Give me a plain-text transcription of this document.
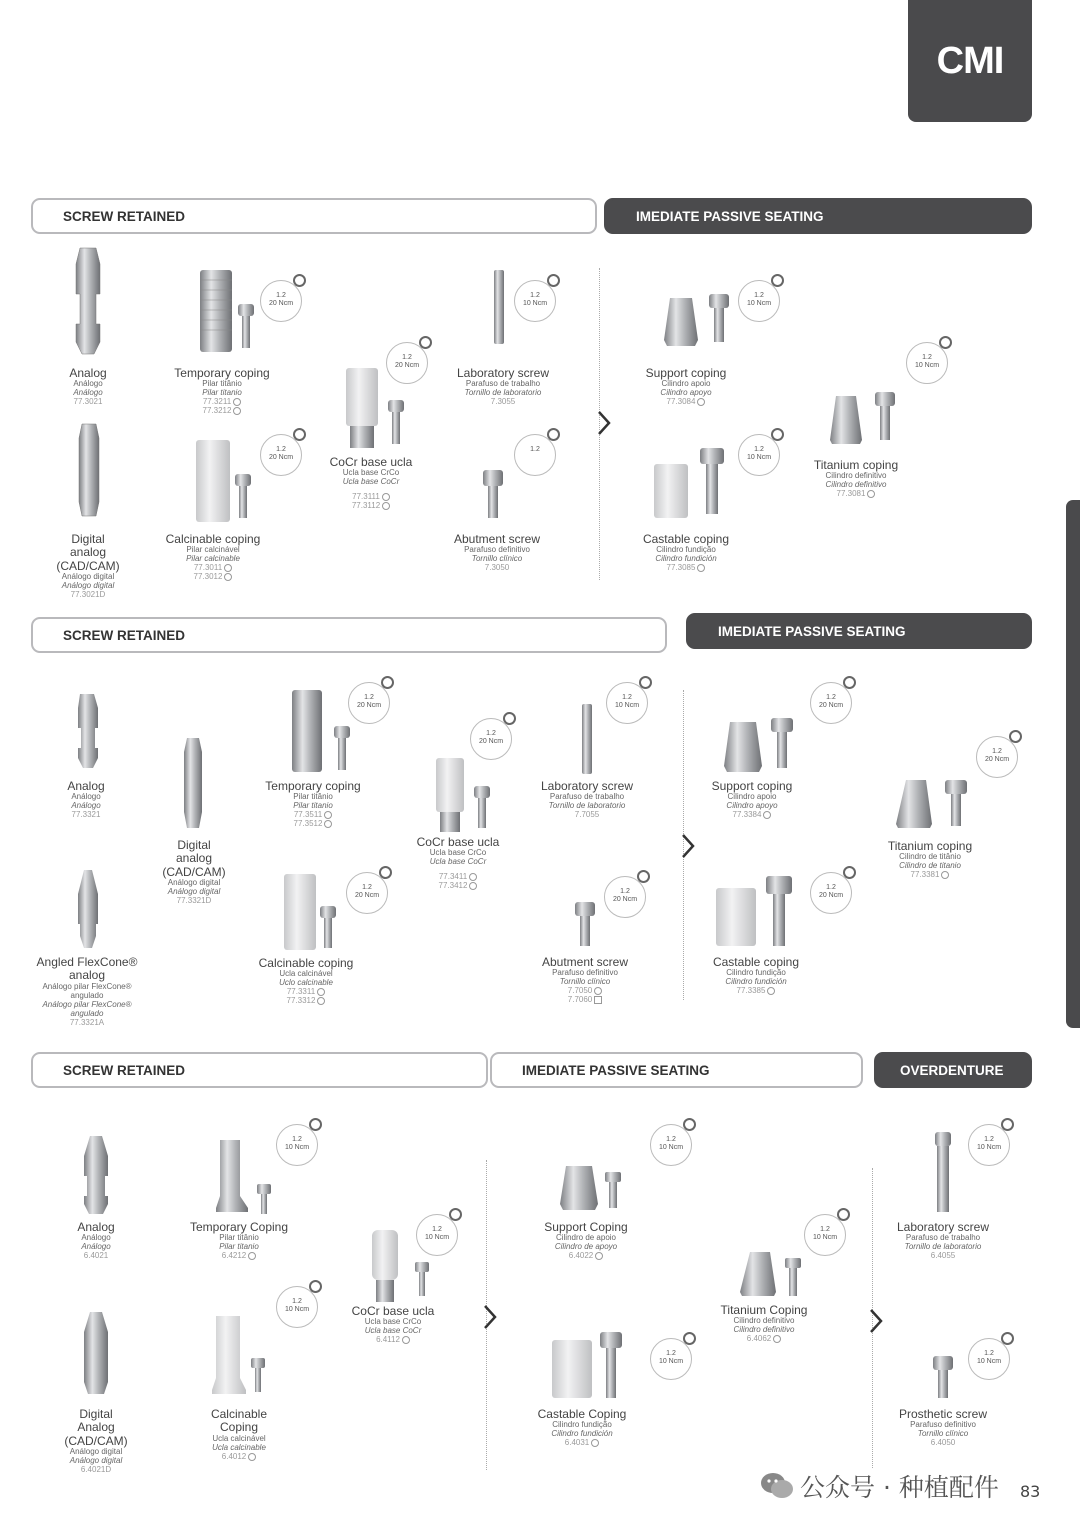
CMI
SCREW RETAINED	IMEDIATE PASSIVE SEATING
1.2
20 Ncm
1.2
20 Ncm
1.2
20 Ncm
1.2
10 Ncm
1.2
1.2
10 Ncm
1.2
10 Ncm
1.2
10 Ncm
Analog
Análogo
Análogo
77.3021
Digital
analog
(CAD/CAM)
Análogo digital
Análogo digital
77.3021D
Temporary coping
Pilar titânio
Pilar titanio
77.3211
77.3212
Calcinable coping
Pilar calcinável
Pilar calcinable
77.3011
77.3012
CoCr base ucla
Ucla base CrCo
Ucla base CoCr
77.3111
77.3112
Laboratory screw
Parafuso de trabalho
Tornillo de laboratorio
7.3055
Abutment screw
Parafuso definitivo
Tornillo clínico
7.3050
Support coping
Cilindro apoio
Cilindro apoyo
77.3084
Castable coping
Cilindro fundição
Cilindro fundición
77.3085
Titanium coping
Cilindro definitivo
Cilindro definitivo
77.3081
SCREW RETAINED	IMEDIATE PASSIVE SEATING
1.2
20 Ncm
1.2
20 Ncm
1.2
20 Ncm
1.2
10 Ncm
1.2
20 Ncm
1.2
20 Ncm
1.2
20 Ncm
1.2
20 Ncm
Analog
Análogo
Análogo
77.3321
Digital
analog
(CAD/CAM)
Análogo digital
Análogo digital
77.3321D
Angled FlexCone®
analog
Análogo pilar FlexCone® angulado
Análogo pilar FlexCone® angulado
77.3321A
Temporary coping
Pilar titânio
Pilar titanio
77.3511
77.3512
Calcinable coping
Ucla calcinável
Uclo calcinable
77.3311
77.3312
CoCr base ucla
Ucla base CrCo
Ucla base CoCr
77.3411
77.3412
Laboratory screw
Parafuso de trabalho
Tornillo de laboratorio
7.7055
Abutment screw
Parafuso definitivo
Tornillo clínico
7.7050
7.7060
Support coping
Cilindro apoio
Cilindro apoyo
77.3384
Castable coping
Cilindro fundição
Cilindro fundición
77.3385
Titanium coping
Cilindro de titânio
Cilindro de titanio
77.3381
SCREW RETAINED	IMEDIATE PASSIVE SEATING	OVERDENTURE
1.2
10 Ncm
1.2
10 Ncm
1.2
10 Ncm
1.2
10 Ncm
1.2
10 Ncm
1.2
10 Ncm
1.2
10 Ncm
1.2
10 Ncm
Analog
Análogo
Análogo
6.4021
Digital
Analog
(CAD/CAM)
Análogo digital
Análogo digital
6.4021D
Temporary Coping
Pilar titânio
Pilar titanio
6.4212
Calcinable
Coping
Ucla calcinável
Ucla calcinable
6.4012
CoCr base ucla
Ucla base CrCo
Ucla base CoCr
6.4112
Support Coping
Cilindro de apoio
Cilindro de apoyo
6.4022
Titanium Coping
Cilindro definitivo
Cilindro definitivo
6.4062
Castable Coping
Cilindro fundição
Cilindro fundición
6.4031
Laboratory screw
Parafuso de trabalho
Tornillo de laboratorio
6.4055
Prosthetic screw
Parafuso definitivo
Tornillo clínico
6.4050
公众号 · 种植配件 83
